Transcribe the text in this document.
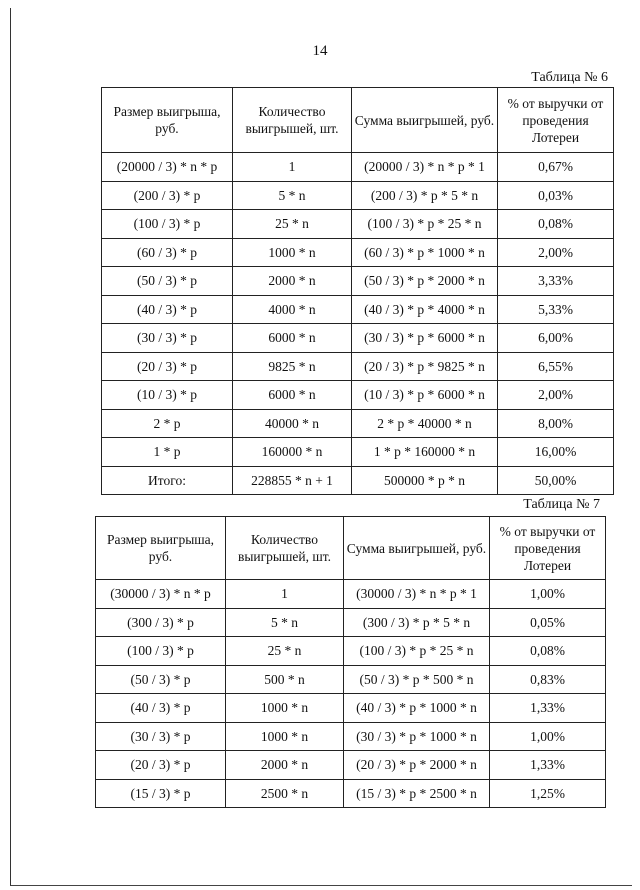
14
Таблица № 6
Размер выигрыша, руб.	Количество выигрышей, шт.	Сумма выигрышей, руб.	% от выручки от проведения Лотереи
(20000 / 3) * n * p	1	(20000 / 3) * n * p * 1	0,67%
(200 / 3) * p	5 * n	(200 / 3) * p * 5 * n	0,03%
(100 / 3) * p	25 * n	(100 / 3) * p * 25 * n	0,08%
(60 / 3) * p	1000 * n	(60 / 3) * p * 1000 * n	2,00%
(50 / 3) * p	2000 * n	(50 / 3) * p * 2000 * n	3,33%
(40 / 3) * p	4000 * n	(40 / 3) * p * 4000 * n	5,33%
(30 / 3) * p	6000 * n	(30 / 3) * p * 6000 * n	6,00%
(20 / 3) * p	9825 * n	(20 / 3) * p * 9825 * n	6,55%
(10 / 3) * p	6000 * n	(10 / 3) * p * 6000 * n	2,00%
2 * p	40000 * n	2 * p * 40000 * n	8,00%
1 * p	160000 * n	1 * p * 160000 * n	16,00%
Итого:	228855 * n + 1	500000 * p * n	50,00%
Таблица № 7
Размер выигрыша, руб.	Количество выигрышей, шт.	Сумма выигрышей, руб.	% от выручки от проведения Лотереи
(30000 / 3) * n * p	1	(30000 / 3) * n * p * 1	1,00%
(300 / 3) * p	5 * n	(300 / 3) * p * 5 * n	0,05%
(100 / 3) * p	25 * n	(100 / 3) * p * 25 * n	0,08%
(50 / 3) * p	500 * n	(50 / 3) * p * 500 * n	0,83%
(40 / 3) * p	1000 * n	(40 / 3) * p * 1000 * n	1,33%
(30 / 3) * p	1000 * n	(30 / 3) * p * 1000 * n	1,00%
(20 / 3) * p	2000 * n	(20 / 3) * p * 2000 * n	1,33%
(15 / 3) * p	2500 * n	(15 / 3) * p * 2500 * n	1,25%
